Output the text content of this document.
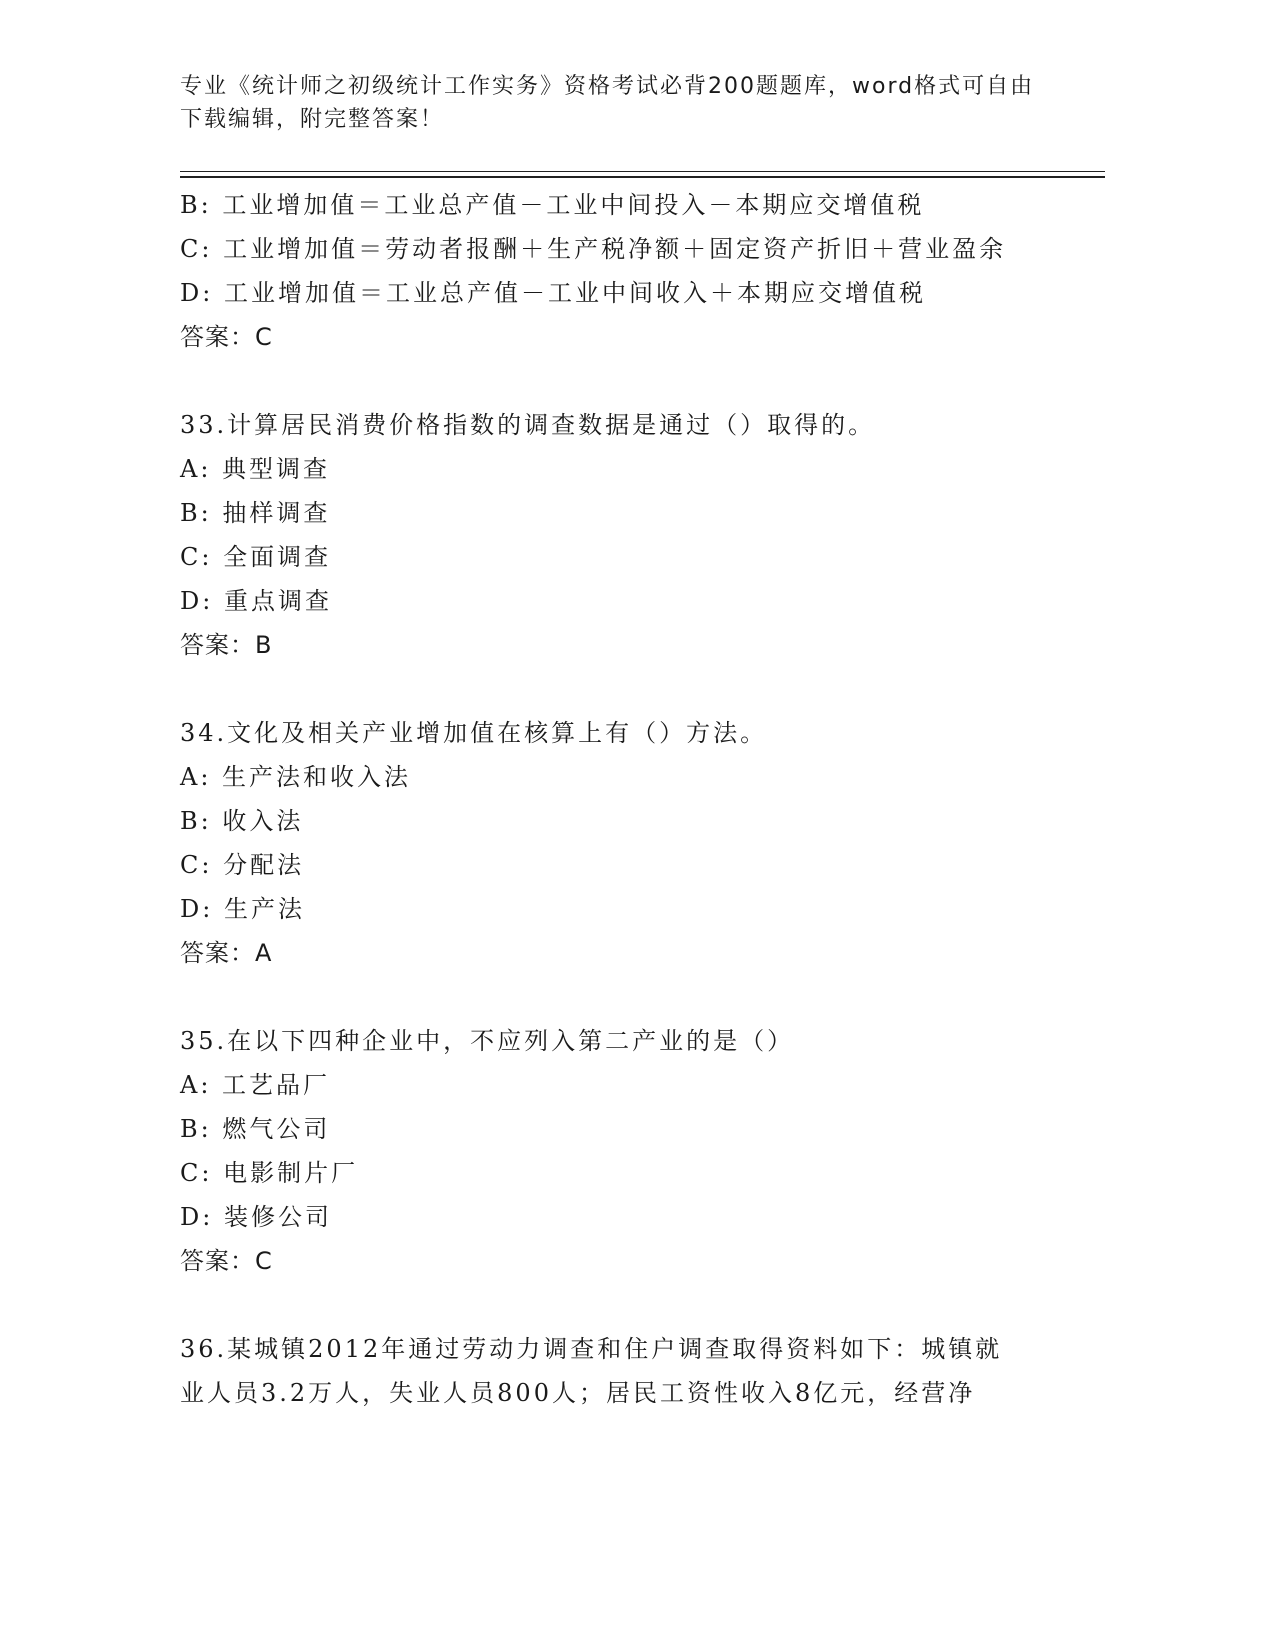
专业《统计师之初级统计工作实务》资格考试必背200题题库，word格式可自由下载编辑，附完整答案！
B: 工业增加值＝工业总产值－工业中间投入－本期应交增值税
C: 工业增加值＝劳动者报酬＋生产税净额＋固定资产折旧＋营业盈余
D: 工业增加值＝工业总产值－工业中间收入＋本期应交增值税
答案：C
33.计算居民消费价格指数的调查数据是通过（）取得的。
A: 典型调查
B: 抽样调查
C: 全面调查
D: 重点调查
答案：B
34.文化及相关产业增加值在核算上有（）方法。
A: 生产法和收入法
B: 收入法
C: 分配法
D: 生产法
答案：A
35.在以下四种企业中，不应列入第二产业的是（）
A: 工艺品厂
B: 燃气公司
C: 电影制片厂
D: 装修公司
答案：C
36.某城镇2012年通过劳动力调查和住户调查取得资料如下：城镇就业人员3.2万人，失业人员800人；居民工资性收入8亿元，经营净
